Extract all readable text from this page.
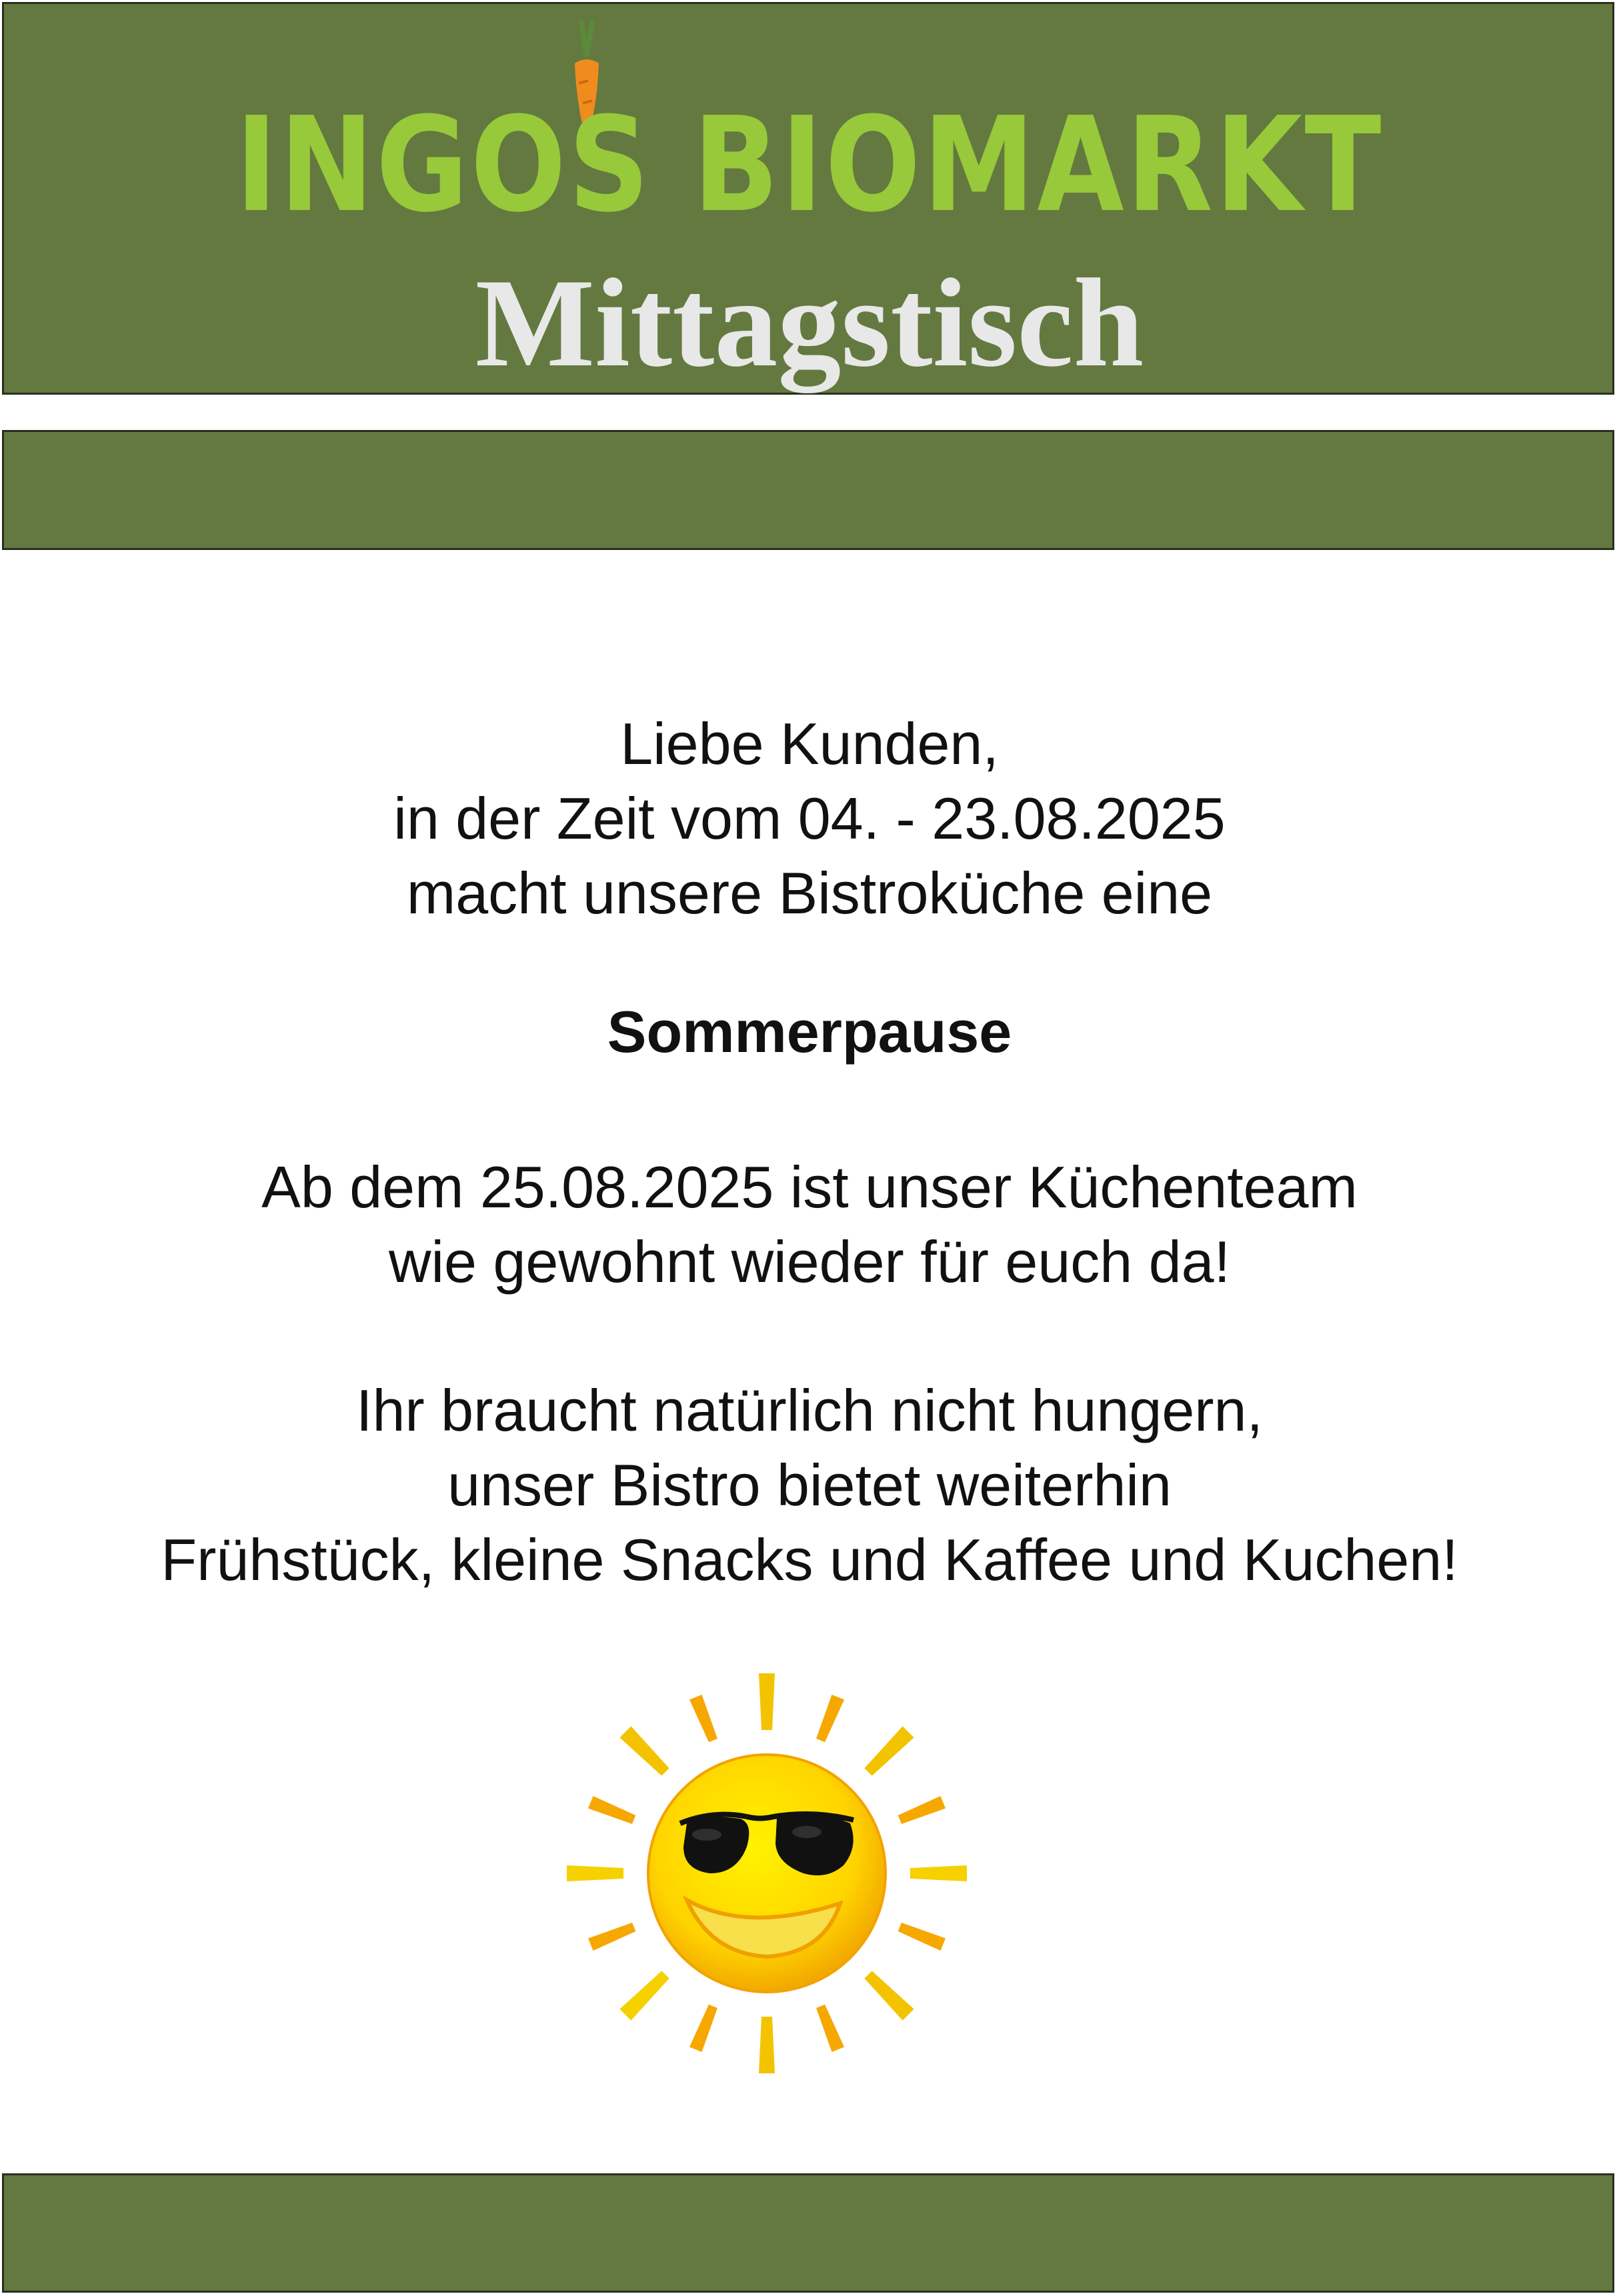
INGOS BIOMARKT
Mittagstisch

Liebe Kunden,

in der Zeit vom 04. - 23.08.2025

macht unsere Bistroküche eine

Sommerpause

Ab dem 25.08.2025 ist unser Küchenteam

wie gewohnt wieder für euch da!

Ihr braucht natürlich nicht hungern,

unser Bistro bietet weiterhin

Frühstück, kleine Snacks und Kaffee und Kuchen!
